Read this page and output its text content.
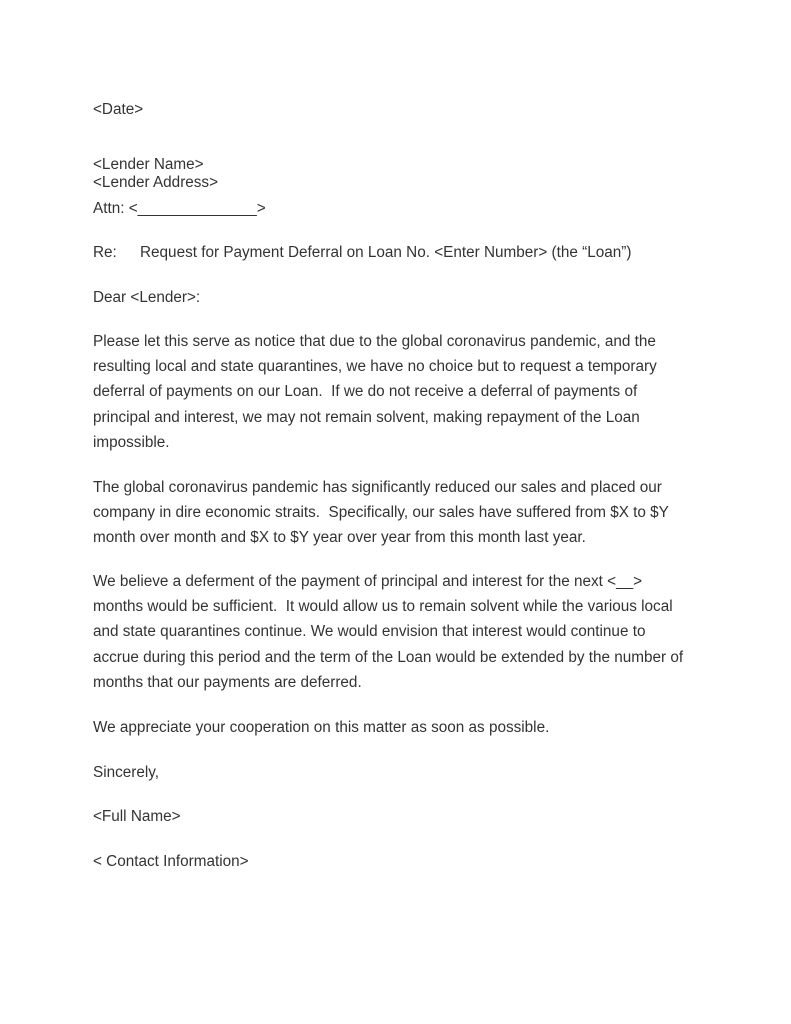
<Date>
<Lender Name>
<Lender Address>
Attn: <______________>
Re: Request for Payment Deferral on Loan No. <Enter Number> (the “Loan”)
Dear <Lender>:
Please let this serve as notice that due to the global coronavirus pandemic, and the
resulting local and state quarantines, we have no choice but to request a temporary
deferral of payments on our Loan.  If we do not receive a deferral of payments of
principal and interest, we may not remain solvent, making repayment of the Loan
impossible.
The global coronavirus pandemic has significantly reduced our sales and placed our
company in dire economic straits.  Specifically, our sales have suffered from $X to $Y
month over month and $X to $Y year over year from this month last year.
We believe a deferment of the payment of principal and interest for the next <__>
months would be sufficient.  It would allow us to remain solvent while the various local
and state quarantines continue. We would envision that interest would continue to
accrue during this period and the term of the Loan would be extended by the number of
months that our payments are deferred.
We appreciate your cooperation on this matter as soon as possible.
Sincerely,
<Full Name>
< Contact Information>
